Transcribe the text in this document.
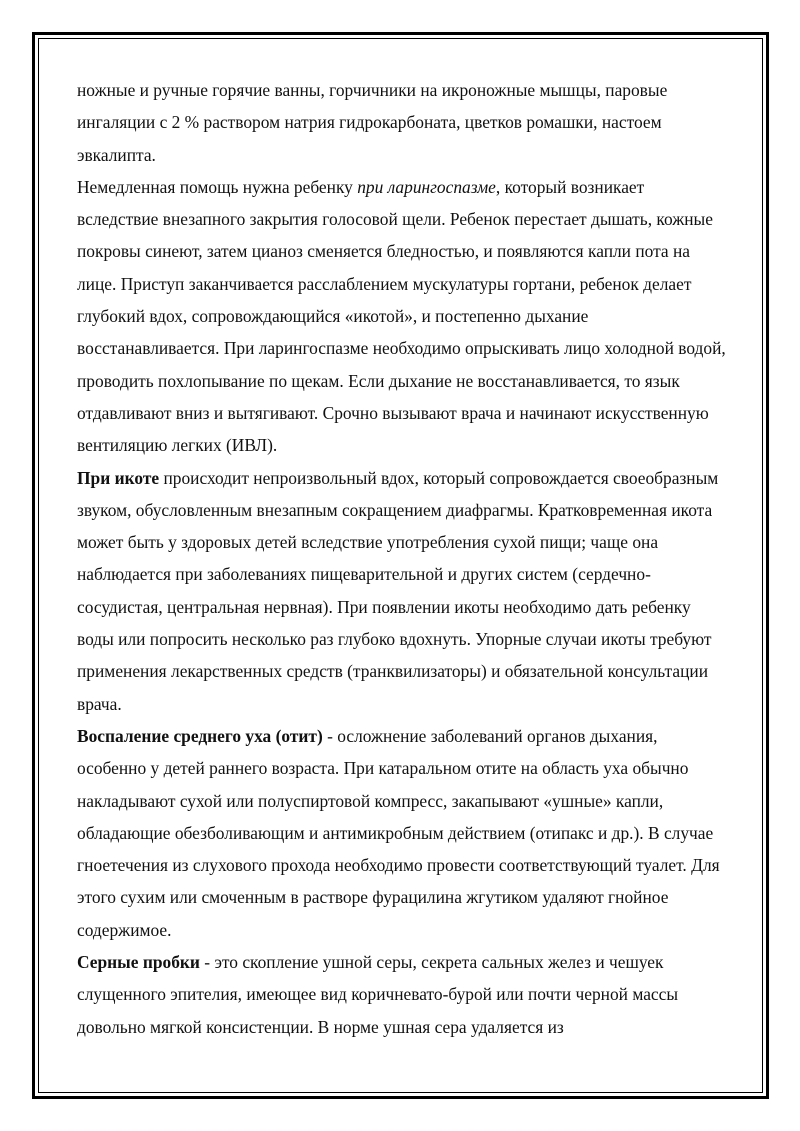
ножные и ручные горячие ванны, горчичники на икроножные мышцы, паровые ингаляции с 2 % раствором натрия гидрокарбоната, цветков ромашки, настоем эвкалипта.

Немедленная помощь нужна ребенку при ларингоспазме, который возникает вследствие внезапного закрытия голосовой щели. Ребенок перестает дышать, кожные покровы синеют, затем цианоз сменяется бледностью, и появляются капли пота на лице. Приступ заканчивается расслаблением мускулатуры гортани, ребенок делает глубокий вдох, сопровождающийся «икотой», и постепенно дыхание восстанавливается. При ларингоспазме необходимо опрыскивать лицо холодной водой, проводить похлопывание по щекам. Если дыхание не восстанавливается, то язык отдавливают вниз и вытягивают. Срочно вызывают врача и начинают искусственную вентиляцию легких (ИВЛ).

При икоте происходит непроизвольный вдох, который сопровождается своеобразным звуком, обусловленным внезапным сокращением диафрагмы. Кратковременная икота может быть у здоровых детей вследствие употребления сухой пищи; чаще она наблюдается при заболеваниях пищеварительной и других систем (сердечно-сосудистая, центральная нервная). При появлении икоты необходимо дать ребенку воды или попросить несколько раз глубоко вдохнуть. Упорные случаи икоты требуют применения лекарственных средств (транквилизаторы) и обязательной консультации врача.

Воспаление среднего уха (отит) - осложнение заболеваний органов дыхания, особенно у детей раннего возраста. При катаральном отите на область уха обычно накладывают сухой или полуспиртовой компресс, закапывают «ушные» капли, обладающие обезболивающим и антимикробным действием (отипакс и др.). В случае гноетечения из слухового прохода необходимо провести соответствующий туалет. Для этого сухим или смоченным в растворе фурацилина жгутиком удаляют гнойное содержимое.

Серные пробки - это скопление ушной серы, секрета сальных желез и чешуек слущенного эпителия, имеющее вид коричневато-бурой или почти черной массы довольно мягкой консистенции. В норме ушная сера удаляется из
